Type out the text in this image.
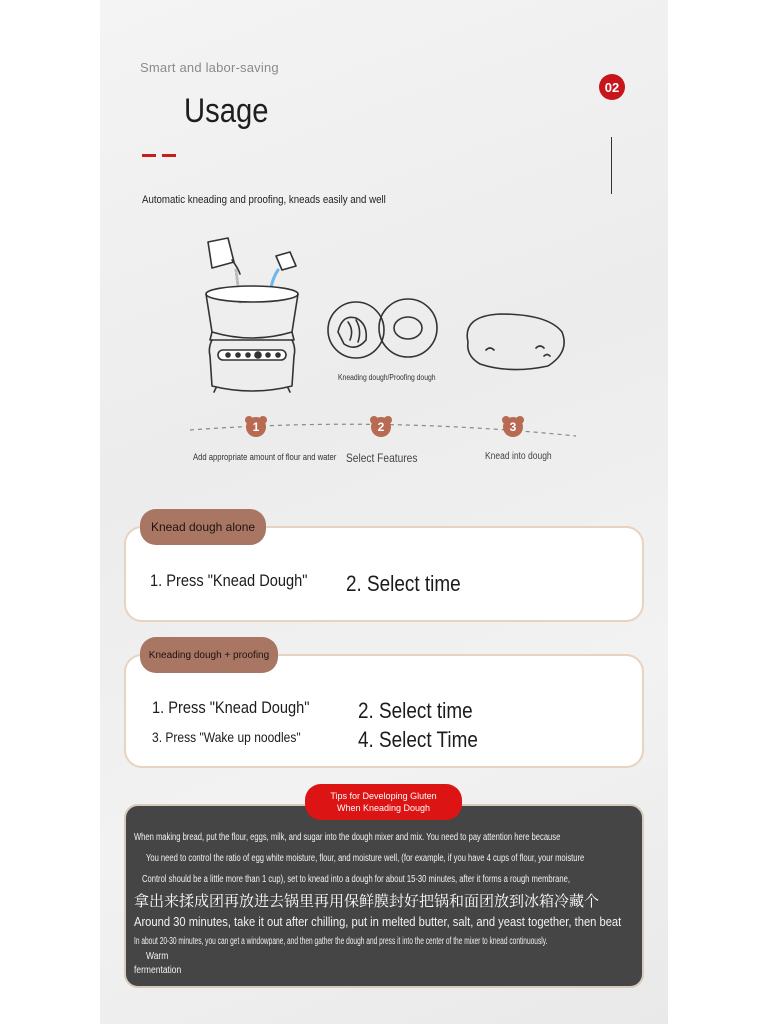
Smart and labor-saving
Usage
02
Automatic kneading and proofing, kneads easily and well
1	2	3
Kneading dough/Proofing dough
Add appropriate amount of flour and water Select Features	Knead into dough
Knead dough alone
1. Press "Knead Dough" 2. Select time
Kneading dough + proofing
1. Press "Knead Dough" 2. Select time
3. Press "Wake up noodles"	4. Select Time
Tips for Developing Gluten When Kneading Dough
When making bread, put the flour, eggs, milk, and sugar into the dough mixer and mix. You need to pay attention here because
You need to control the ratio of egg white moisture, flour, and moisture well, (for example, if you have 4 cups of flour, your moisture
Control should be a little more than 1 cup), set to knead into a dough for about 15-30 minutes, after it forms a rough membrane,
拿出来揉成团再放进去锅里再用保鲜膜封好把锅和面团放到冰箱冷藏个
Around 30 minutes, take it out after chilling, put in melted butter, salt, and yeast together, then beat
In about 20-30 minutes, you can get a windowpane, and then gather the dough and press it into the center of the mixer to knead continuously.
Warm
fermentation
